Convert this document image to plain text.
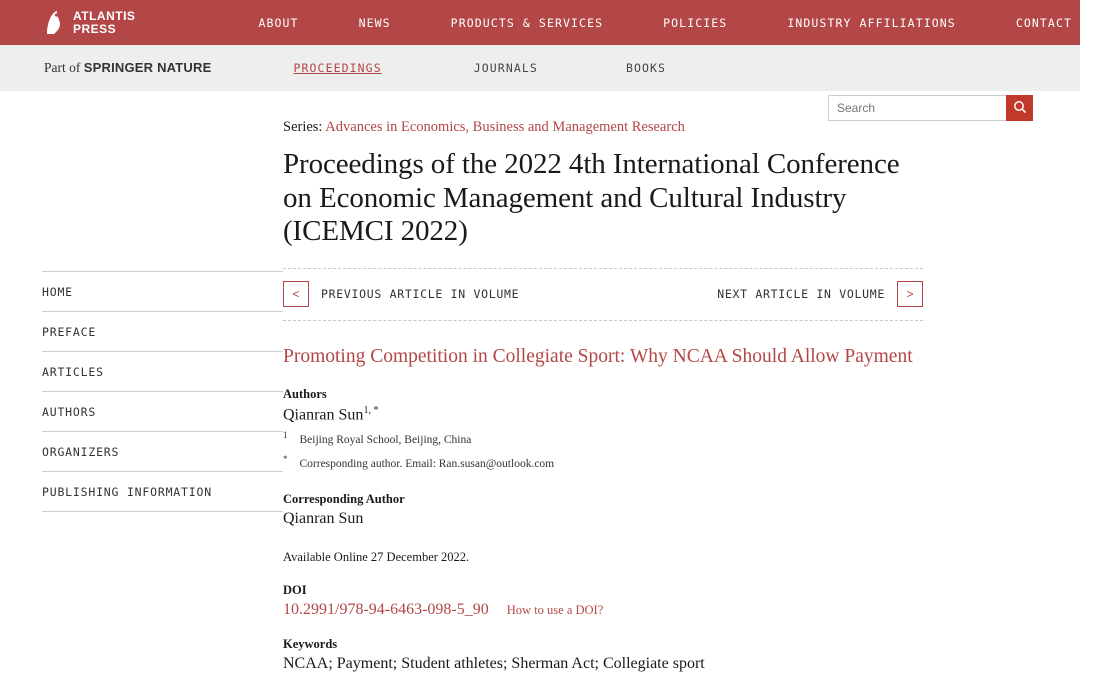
ATLANTIS
PRESS	ABOUT	NEWS	PRODUCTS & SERVICES	POLICIES	INDUSTRY AFFILIATIONS	CONTACT
Part of SPRINGER NATURE	PROCEEDINGS	JOURNALS	BOOKS
Search
HOME
PREFACE
ARTICLES
AUTHORS
ORGANIZERS
PUBLISHING INFORMATION
Series: Advances in Economics, Business and Management Research
Proceedings of the 2022 4th International Conference on Economic Management and Cultural Industry (ICEMCI 2022)
<	PREVIOUS ARTICLE IN VOLUME	NEXT ARTICLE IN VOLUME	>
Promoting Competition in Collegiate Sport: Why NCAA Should Allow Payment
Authors
Qianran Sun$^{1, *}$
$^1$ Beijing Royal School, Beijing, China
* Corresponding author. Email: Ran.susan@outlook.com
Corresponding Author
Qianran Sun
Available Online 27 December 2022.
DOI
10.2991/978-94-6463-098-5_90 How to use a DOI?
Keywords
NCAA; Payment; Student athletes; Sherman Act; Collegiate sport
